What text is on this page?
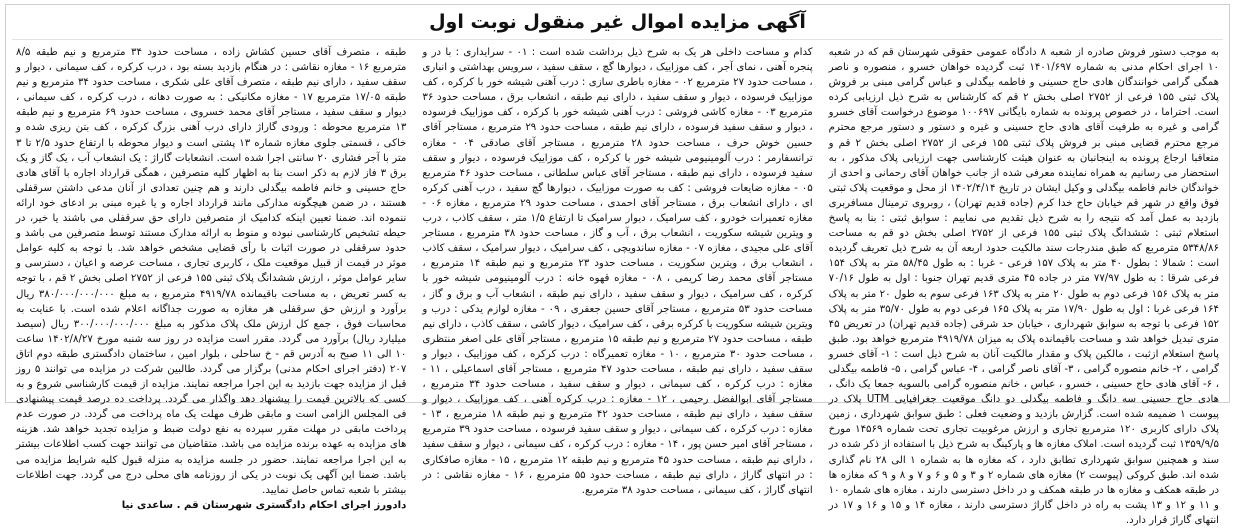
آگهی مزایده اموال غیر منقول نوبت اول

به موجب دستور فروش صادره از شعبه ۸ دادگاه عمومی حقوقی شهرستان قم که در شعبه ۱۰ اجرای احکام مدنی به شماره ۱۴۰۱/۶۹۷ ثبت گردیده خواهان خسرو ، منصوره و ناصر همگی گرامی خوانندگان هادی حاج حسینی و فاطمه بیگدلی و عباس گرامی مبنی بر فروش پلاک ثبتی ۱۵۵ فرعی از ۲۷۵۲ اصلی بخش ۲ قم که کارشناس به شرح ذیل ارزیابی کرده است. احتراما ، در خصوص پرونده به شماره بایگانی ۱۰۰۶۹۷ موضوع درخواست آقای خسرو گرامی و غیره به طرفیت آقای هادی حاج حسینی و غیره و دستور و دستور مرجع محترم مرجع محترم قضایی مبنی بر فروش پلاک ثبتی ۱۵۵ فرعی از ۲۷۵۲ اصلی بخش ۲ قم و متعاقبا ارجاع پرونده به اینجانبان به عنوان هیئت کارشناسی جهت ارزیابی پلاک مذکور ، به استحضار می رسانیم به همراه نماینده معرفی شده از جانب خواهان آقای رحمانی و احدی از خواندگان خانم فاطمه بیگدلی و وکیل ایشان در تاریخ ۱۴۰۲/۴/۱۴ از محل و موقعیت پلاک ثبتی فوق واقع در شهر قم خیابان حاج خدا کرم (جاده قدیم تهران) ، روبروی ترمینال مسافربری بازدید به عمل آمد که نتیجه را به شرح ذیل تقدیم می نماییم : سوابق ثبتی : بنا به پاسخ استعلام ثبتی : ششدانگ پلاک ثبتی ۱۵۵ فرعی از ۲۷۵۲ اصلی بخش دو قم به مساحت ۵۳۴۸/۸۶ مترمربع که طبق مندرجات سند مالکیت حدود اربعه آن به شرح ذیل تعریف گردیده است : شمالا : بطول ۴۰ متر به پلاک ۱۵۷ فرعی - غربا : به طول ۵۸/۴۵ متر به پلاک ۱۵۴ فرعی شرقا : به طول ۷۷/۹۷ متر در جاده ۴۵ متری قدیم تهران جنوبا : اول به طول ۷۰/۱۶ متر به پلاک ۱۵۶ فرعی دوم به طول ۲۰ متر به پلاک ۱۶۳ فرعی سوم به طول ۲۰ متر به پلاک ۱۶۴ فرعی غربا : اول به طول ۱۷/۹۰ متر به پلاک ۱۶۵ فرعی دوم به طول ۳۵/۷۰ متر به پلاک ۱۵۲ فرعی با توجه به سوابق شهرداری ، خیابان حد شرقی (جاده قدیم تهران) در تعریض ۴۵ متری تبدیل خواهد شد و مساحت باقیمانده پلاک به میزان ۴۹۱۹/۷۸ مترمربع خواهد بود. طبق پاسخ استعلام ازثبت ، مالکین پلاک و مقدار مالکیت آنان به شرح ذیل است : ۱- آقای خسرو گرامی ، ۲- خانم منصوره گرامی ، ۳- آقای ناصر گرامی ، ۴- عباس گرامی ، ۵- فاطمه بیگدلی ، ۶- آقای هادی حاج حسینی ، خسرو ، عباس ، خانم منصوره گرامی بالسویه جمعا یک دانگ ، هادی حاج حسینی سه دانگ و فاطمه بیگدلی دو دانگ موقعیت جغرافیایی UTM پلاک در پیوست ۱ ضمیمه شده است. گزارش بازدید و وضعیت فعلی : طبق سوابق شهرداری ، زمین پلاک دارای کاربری ۱۲۰ مترمربع تجاری و ارزش مرغوبیت تجاری تحت شماره ۱۴۵۶۹ مورخ ۱۳۵۹/۹/۵ ثبت گردیده است. املاک مغازه ها و پارکینگ به شرح ذیل با استفاده از ذکر شده در سند و همچنین سوابق شهرداری تطابق دارد ، که مغازه ها به شماره ۱ الی ۲۸ نام گذاری شده اند. طبق کروکی (پیوست ۲) مغازه های شماره ۲ و ۳ و ۵ و ۶ و ۷ و ۸ و ۹ که مغازه ها در طبقه همکف و مغازه ها در طبقه همکف و در داخل دسترسی دارند ، مغازه های شماره ۱۰ و ۱۱ و ۱۲ و ۱۳ پشت به راه در داخل گاراژ دسترسی دارند ، مغازه ۱۴ و ۱۵ و ۱۶ و ۱۷ در انتهای گاراژ قرار دارد.

کدام و مساحت داخلی هر یک به شرح ذیل برداشت شده است : ۰۱ - سرایداری : با در و پنجره آهنی ، نمای آجر ، کف موزاییک ، دیوارها گچ ، سقف سفید ، سرویس بهداشتی و انباری ، مساحت حدود ۲۷ مترمربع ۰۲ - مغازه باطری سازی : درب آهنی شیشه خور با کرکره ، کف موزاییک فرسوده ، دیوار و سقف سفید ، دارای نیم طبقه ، انشعاب برق ، مساحت حدود ۳۶ مترمربع ۰۳ - مغازه کاشی فروشی : درب آهنی شیشه خور با کرکره ، کف موزاییک فرسوده ، دیوار و سقف سفید فرسوده ، دارای نیم طبقه ، مساحت حدود ۲۹ مترمربع ، مستاجر آقای حسین خوش حرف ، مساحت حدود ۲۸ مترمربع ، مستاجر آقای صادقی ۰۴ - مغازه ترانسفارمر : درب آلومینیومی شیشه خور با کرکره ، کف موزاییک فرسوده ، دیوار و سقف سفید فرسوده ، دارای نیم طبقه ، مستاجر آقای عباس سلطانی ، مساحت حدود ۴۶ مترمربع ۰۵ - مغازه ضایعات فروشی : کف به صورت موزاییک ، دیوارها گچ سفید ، درب آهنی کرکره ای ، دارای انشعاب برق ، مستاجر آقای احمدی ، مساحت حدود ۲۹ مترمربع ، مغازه ۰۶ - مغازه تعمیرات خودرو ، کف سرامیک ، دیوار سرامیک تا ارتفاع ۱/۵ متر ، سقف کاذب ، درب و ویترین شیشه سکوریت ، انشعاب برق ، آب و گاز ، مساحت حدود ۳۸ مترمربع ، مستاجر آقای علی مجیدی ، مغازه ۰۷ - مغازه ساندویچی ، کف سرامیک ، دیوار سرامیک ، سقف کاذب ، انشعاب برق ، ویترین سکوریت ، مساحت حدود ۲۳ مترمربع و نیم طبقه ۱۴ مترمربع ، مستاجر آقای محمد رضا کریمی ، ۰۸ - مغازه قهوه خانه : درب آلومینیومی شیشه خور با کرکره ، کف سرامیک ، دیوار و سقف سفید ، دارای نیم طبقه ، انشعاب آب و برق و گاز ، مساحت حدود ۵۳ مترمربع ، مستاجر آقای حسین جعفری ، ۰۹ - مغازه لوازم یدکی : درب و ویترین شیشه سکوریت با کرکره برقی ، کف سرامیک ، دیوار کاشی ، سقف کاذب ، دارای نیم طبقه ، مساحت حدود ۲۷ مترمربع و نیم طبقه ۱۵ مترمربع ، مستاجر آقای علی اصغر منتظری ، مساحت حدود ۳۰ مترمربع ، ۱۰ - مغازه تعمیرگاه : درب کرکره ، کف موزاییک ، دیوار و سقف سفید ، دارای نیم طبقه ، مساحت حدود ۴۷ مترمربع ، مستاجر آقای اسماعیلی ، ۱۱ - مغازه : درب کرکره ، کف سیمانی ، دیوار و سقف سفید ، مساحت حدود ۳۴ مترمربع ، مستاجر آقای ابوالفضل رحیمی ، ۱۲ - مغازه : درب کرکره آهنی ، کف موزاییک ، دیوار و سقف سفید ، دارای نیم طبقه ، مساحت حدود ۴۲ مترمربع و نیم طبقه ۱۸ مترمربع ، ۱۳ - مغازه : درب کرکره ، کف سیمانی ، دیوار و سقف سفید فرسوده ، مساحت حدود ۳۹ مترمربع ، مستاجر آقای امیر حسن پور ، ۱۴ - مغازه : درب کرکره ، کف سیمانی ، دیوار و سقف سفید ، دارای نیم طبقه ، مساحت حدود ۴۵ مترمربع و نیم طبقه ۱۲ مترمربع ، ۱۵ - مغازه صافکاری : در انتهای گاراژ ، دارای نیم طبقه ، مساحت حدود ۵۵ مترمربع ، ۱۶ - مغازه نقاشی : در انتهای گاراژ ، کف سیمانی ، مساحت حدود ۳۸ مترمربع.

طبقه ، متصرف آقای حسین کشاش زاده ، مساحت حدود ۳۴ مترمربع و نیم طبقه ۸/۵ مترمربع ۱۶ - مغازه نقاشی : در هنگام بازدید بسته بود ، درب کرکره ، کف سیمانی ، دیوار و سقف سفید ، دارای نیم طبقه ، متصرف آقای علی شکری ، مساحت حدود ۳۴ مترمربع و نیم طبقه ۱۷/۰۵ مترمربع ۱۷ - مغازه مکانیکی : به صورت دهانه ، درب کرکره ، کف سیمانی ، دیوار و سقف سفید ، مستاجر آقای محمد خسروی ، مساحت حدود ۶۹ مترمربع و نیم طبقه ۱۳ مترمربع محوطه : ورودی گاراژ دارای درب آهنی بزرگ کرکره ، کف بتن ریزی شده و خاکی ، قسمتی جلوی مغازه شماره ۱۳ پشتی است و دیوار محوطه با ارتفاع حدود ۲/۵ تا ۳ متر با آجر فشاری ۲۰ سانتی اجرا شده است. انشعابات گاراژ : یک انشعاب آب ، یک گاز و یک برق ۳ فاز لازم به ذکر است بنا به اظهار کلیه متصرفین ، همگی قرارداد اجاره با آقای هادی حاج حسینی و خانم فاطمه بیگدلی دارند و هم چنین تعدادی از آنان مدعی داشتن سرقفلی هستند ، در ضمن هیچگونه مدارکی مانند قرارداد اجاره و یا غیره مبنی بر ادعای خود ارائه ننموده اند. ضمنا تعیین اینکه کدامیک از متصرفین دارای حق سرقفلی می باشند یا خیر، در حیطه تشخیص کارشناسی نبوده و منوط به ارائه مدارک مستند توسط متصرفین می باشد و حدود سرقفلی در صورت اثبات با رأی قضایی مشخص خواهد شد. با توجه به کلیه عوامل موثر در قیمت از قبیل موقعیت ملک ، کاربری تجاری ، مساحت عرصه و اعیان ، دسترسی و سایر عوامل موثر ، ارزش ششدانگ پلاک ثبتی ۱۵۵ فرعی از ۲۷۵۲ اصلی بخش ۲ قم ، با توجه به کسر تعریض ، به مساحت باقیمانده ۴۹۱۹/۷۸ مترمربع ، به مبلغ ۳۸۰/۰۰۰/۰۰۰/۰۰۰ ریال برآورد و ارزش حق سرقفلی هر مغازه به صورت جداگانه اعلام شده است. با عنایت به محاسبات فوق ، جمع کل ارزش ملک پلاک مذکور به مبلغ ۳۰۰/۰۰۰/۰۰۰/۰۰۰ ریال (سیصد میلیارد ریال) برآورد می گردد. مقرر است مزایده در روز سه شنبه مورخ ۱۴۰۲/۸/۲۷ ساعت ۱۰ الی ۱۱ صبح به آدرس قم - خ ساحلی ، بلوار امین ، ساختمان دادگستری طبقه دوم اتاق ۲۰۷ (دفتر اجرای احکام مدنی) برگزار می گردد. طالبین شرکت در مزایده می توانند ۵ روز قبل از مزایده جهت بازدید به این اجرا مراجعه نمایند. مزایده از قیمت کارشناسی شروع و به کسی که بالاترین قیمت را پیشنهاد دهد واگذار می گردد. پرداخت ده درصد قیمت پیشنهادی فی المجلس الزامی است و مابقی ظرف مهلت یک ماه پرداخت می گردد. در صورت عدم پرداخت مابقی در مهلت مقرر سپرده به نفع دولت ضبط و مزایده تجدید خواهد شد. هزینه های مزایده به عهده برنده مزایده می باشد. متقاضیان می توانند جهت کسب اطلاعات بیشتر به این اجرا مراجعه نمایند. حضور در جلسه مزایده به منزله قبول کلیه شرایط مزایده می باشد. ضمنا این آگهی یک نوبت در یکی از روزنامه های محلی درج می گردد. جهت اطلاعات بیشتر با شعبه تماس حاصل نمایید.

دادورز اجرای احکام دادگستری شهرستان قم . ساعدی نیا
